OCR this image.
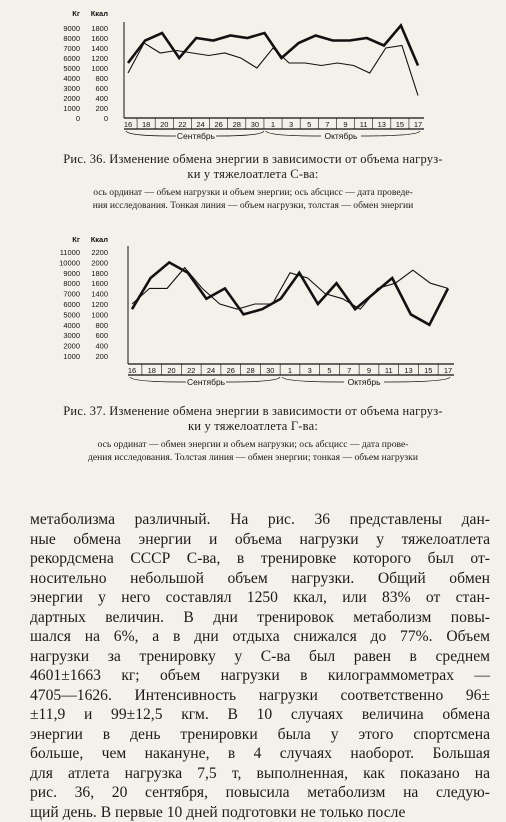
Кг Ккал
9000
8000
7000
6000
5000
4000
3000
2000
1000
0
1800
1600
1400
1200
1000
800
600
400
200
0
16 18 20 22 24 26 28 30 1 3 5 7 9 11 13 15 17
Сентябрь	Октябрь
Рис. 36. Изменение обмена энергии в зависимости от объема нагруз-
ки у тяжелоатлета С-ва:
ось ординат — объем нагрузки и объем энергии; ось абсцисс — дата проведе-
ния исследования. Тонкая линия — объем нагрузки, толстая — обмен энергии
Кг Ккал
11000
10000
9000
8000
7000
6000
5000
4000
3000
2000
1000
2200
2000
1800
1600
1400
1200
1000
800
600
400
200
16 18 20 22 24 26 28 30 1 3 5 7 9 11 13 15 17
Сентябрь	Октябрь
Рис. 37. Изменение обмена энергии в зависимости от объема нагруз-
ки у тяжелоатлета Г-ва:
ось ординат — обмен энергии и объем нагрузки; ось абсцисс — дата прове-
дения исследования. Толстая линия — обмен энергии; тонкая — объем нагрузки

метаболизма различный. На рис. 36 представлены дан-

ные обмена энергии и объема нагрузки у тяжелоатлета

рекордсмена СССР С-ва, в тренировке которого был от-

носительно небольшой объем нагрузки. Общий обмен

энергии у него составлял 1250 ккал, или 83% от стан-

дартных величин. В дни тренировок метаболизм повы-

шался на 6%, а в дни отдыха снижался до 77%. Объем

нагрузки за тренировку у С-ва был равен в среднем

4601±1663 кг; объем нагрузки в килограммометрах —

4705—1626. Интенсивность нагрузки соответственно 96±

±11,9 и 99±12,5 кгм. В 10 случаях величина обмена

энергии в день тренировки была у этого спортсмена

больше, чем накануне, в 4 случаях наоборот. Большая

для атлета нагрузка 7,5 т, выполненная, как показано на

рис. 36, 20 сентября, повысила метаболизм на следую-

щий день. В первые 10 дней подготовки не только после
